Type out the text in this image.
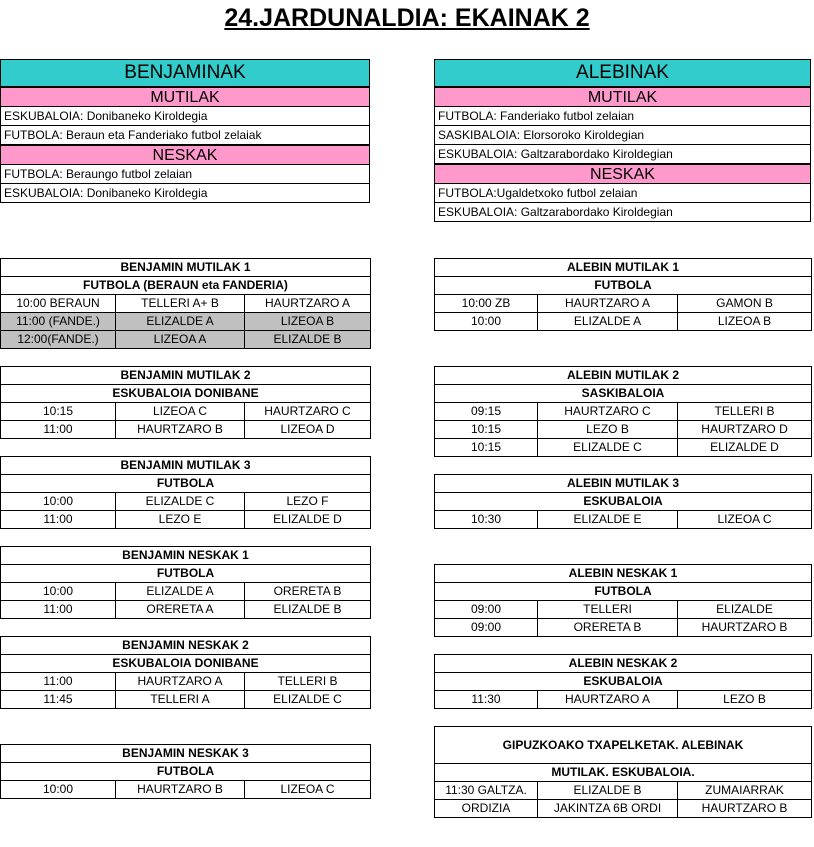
24.JARDUNALDIA: EKAINAK 2
BENJAMINAK
MUTILAK
ESKUBALOIA: Donibaneko Kiroldegia
FUTBOLA: Beraun eta Fanderiako futbol zelaiak
NESKAK
FUTBOLA: Beraungo futbol zelaian
ESKUBALOIA: Donibaneko Kiroldegia
ALEBINAK
MUTILAK
FUTBOLA: Fanderiako futbol zelaian
SASKIBALOIA: Elorsoroko Kiroldegian
ESKUBALOIA: Galtzarabordako Kiroldegian
NESKAK
FUTBOLA:Ugaldetxoko futbol zelaian
ESKUBALOIA: Galtzarabordako Kiroldegian
BENJAMIN MUTILAK 1		
FUTBOLA (BERAUN eta FANDERIA)		
10:00 BERAUN	TELLERI A+ B	HAURTZARO A
11:00 (FANDE.)	ELIZALDE A	LIZEOA B
12:00(FANDE.)	LIZEOA A	ELIZALDE B
BENJAMIN MUTILAK 2		
ESKUBALOIA DONIBANE		
10:15	LIZEOA C	HAURTZARO C
11:00	HAURTZARO B	LIZEOA D
BENJAMIN MUTILAK 3		
FUTBOLA		
10:00	ELIZALDE C	LEZO F
11:00	LEZO E	ELIZALDE D
BENJAMIN NESKAK 1		
FUTBOLA		
10:00	ELIZALDE A	ORERETA B
11:00	ORERETA A	ELIZALDE B
BENJAMIN NESKAK 2		
ESKUBALOIA DONIBANE		
11:00	HAURTZARO A	TELLERI B
11:45	TELLERI A	ELIZALDE C
BENJAMIN NESKAK 3
FUTBOLA
10:00	HAURTZARO B	LIZEOA C
ALEBIN MUTILAK 1		
FUTBOLA		
10:00 ZB	HAURTZARO A	GAMON B
10:00	ELIZALDE A	LIZEOA B
ALEBIN MUTILAK 2		
SASKIBALOIA		
09:15	HAURTZARO C	TELLERI B
10:15	LEZO B	HAURTZARO D
10:15	ELIZALDE C	ELIZALDE D
ALEBIN MUTILAK 3
ESKUBALOIA
10:30	ELIZALDE E	LIZEOA C
ALEBIN NESKAK 1		
FUTBOLA		
09:00	TELLERI	ELIZALDE
09:00	ORERETA B	HAURTZARO B
ALEBIN NESKAK 2
ESKUBALOIA
11:30	HAURTZARO A	LEZO B
GIPUZKOAKO TXAPELKETAK. ALEBINAK		
MUTILAK. ESKUBALOIA.		
11:30 GALTZA.	ELIZALDE B	ZUMAIARRAK
ORDIZIA	JAKINTZA 6B ORDI	HAURTZARO B
